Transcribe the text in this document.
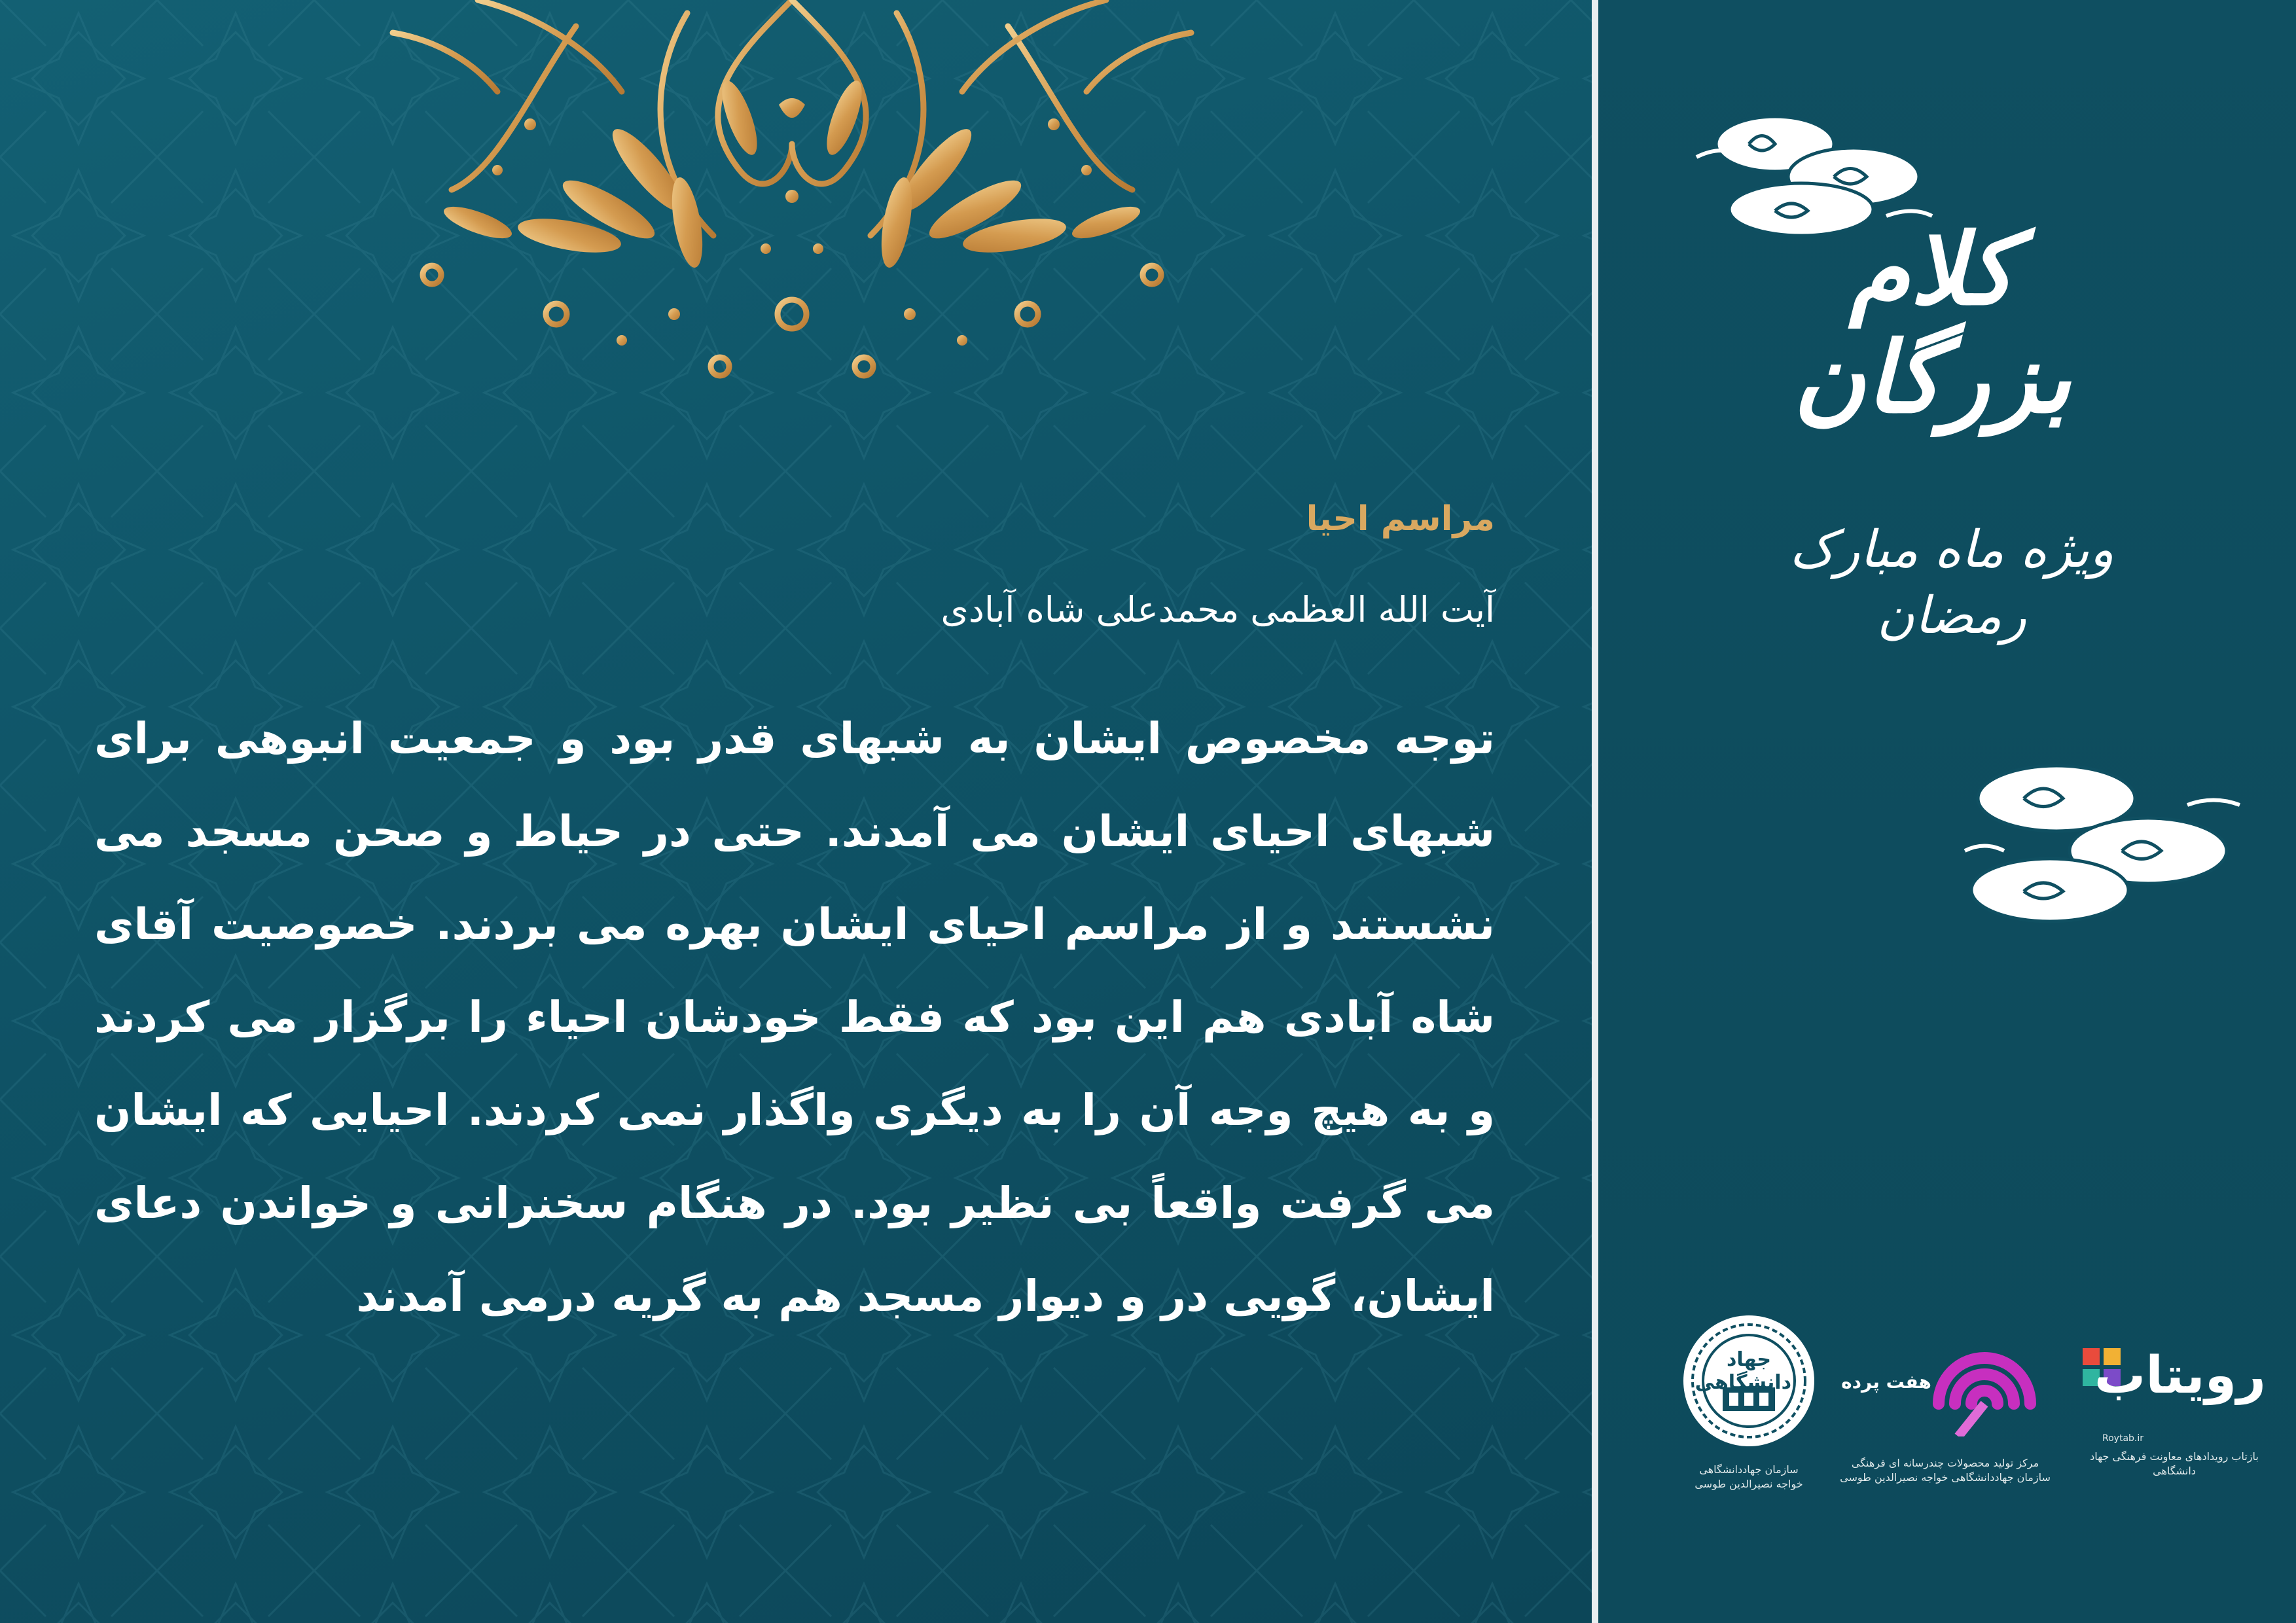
مراسم احیا
آیت الله العظمی محمدعلی شاه آبادی
توجه مخصوص ایشان به شبهای قدر بود و جمعیت انبوهی برای شبهای احیای ایشان می آمدند. حتی در حیاط و صحن مسجد می نشستند و از مراسم احیای ایشان بهره می بردند. خصوصیت آقای شاه آبادی هم این بود که فقط خودشان احیاء را برگزار می کردند و به هیچ وجه آن را به دیگری واگذار نمی کردند. احیایی که ایشان می گرفت واقعاً بی نظیر بود. در هنگام سخنرانی و خواندن دعای ایشان، گویی در و دیوار مسجد هم به گریه درمی آمدند
کلام بزرگان
ویژه ماه مبارک
رمضان
جهاد دانشگاهی
سازمان جهاددانشگاهی
خواجه نصیرالدین طوسی
هفت پرده
مرکز تولید محصولات چندرسانه ای فرهنگی
سازمان جهاددانشگاهی خواجه نصیرالدین طوسی
رویتاب
Roytab.ir
بازتاب رویدادهای معاونت فرهنگی جهاد دانشگاهی
